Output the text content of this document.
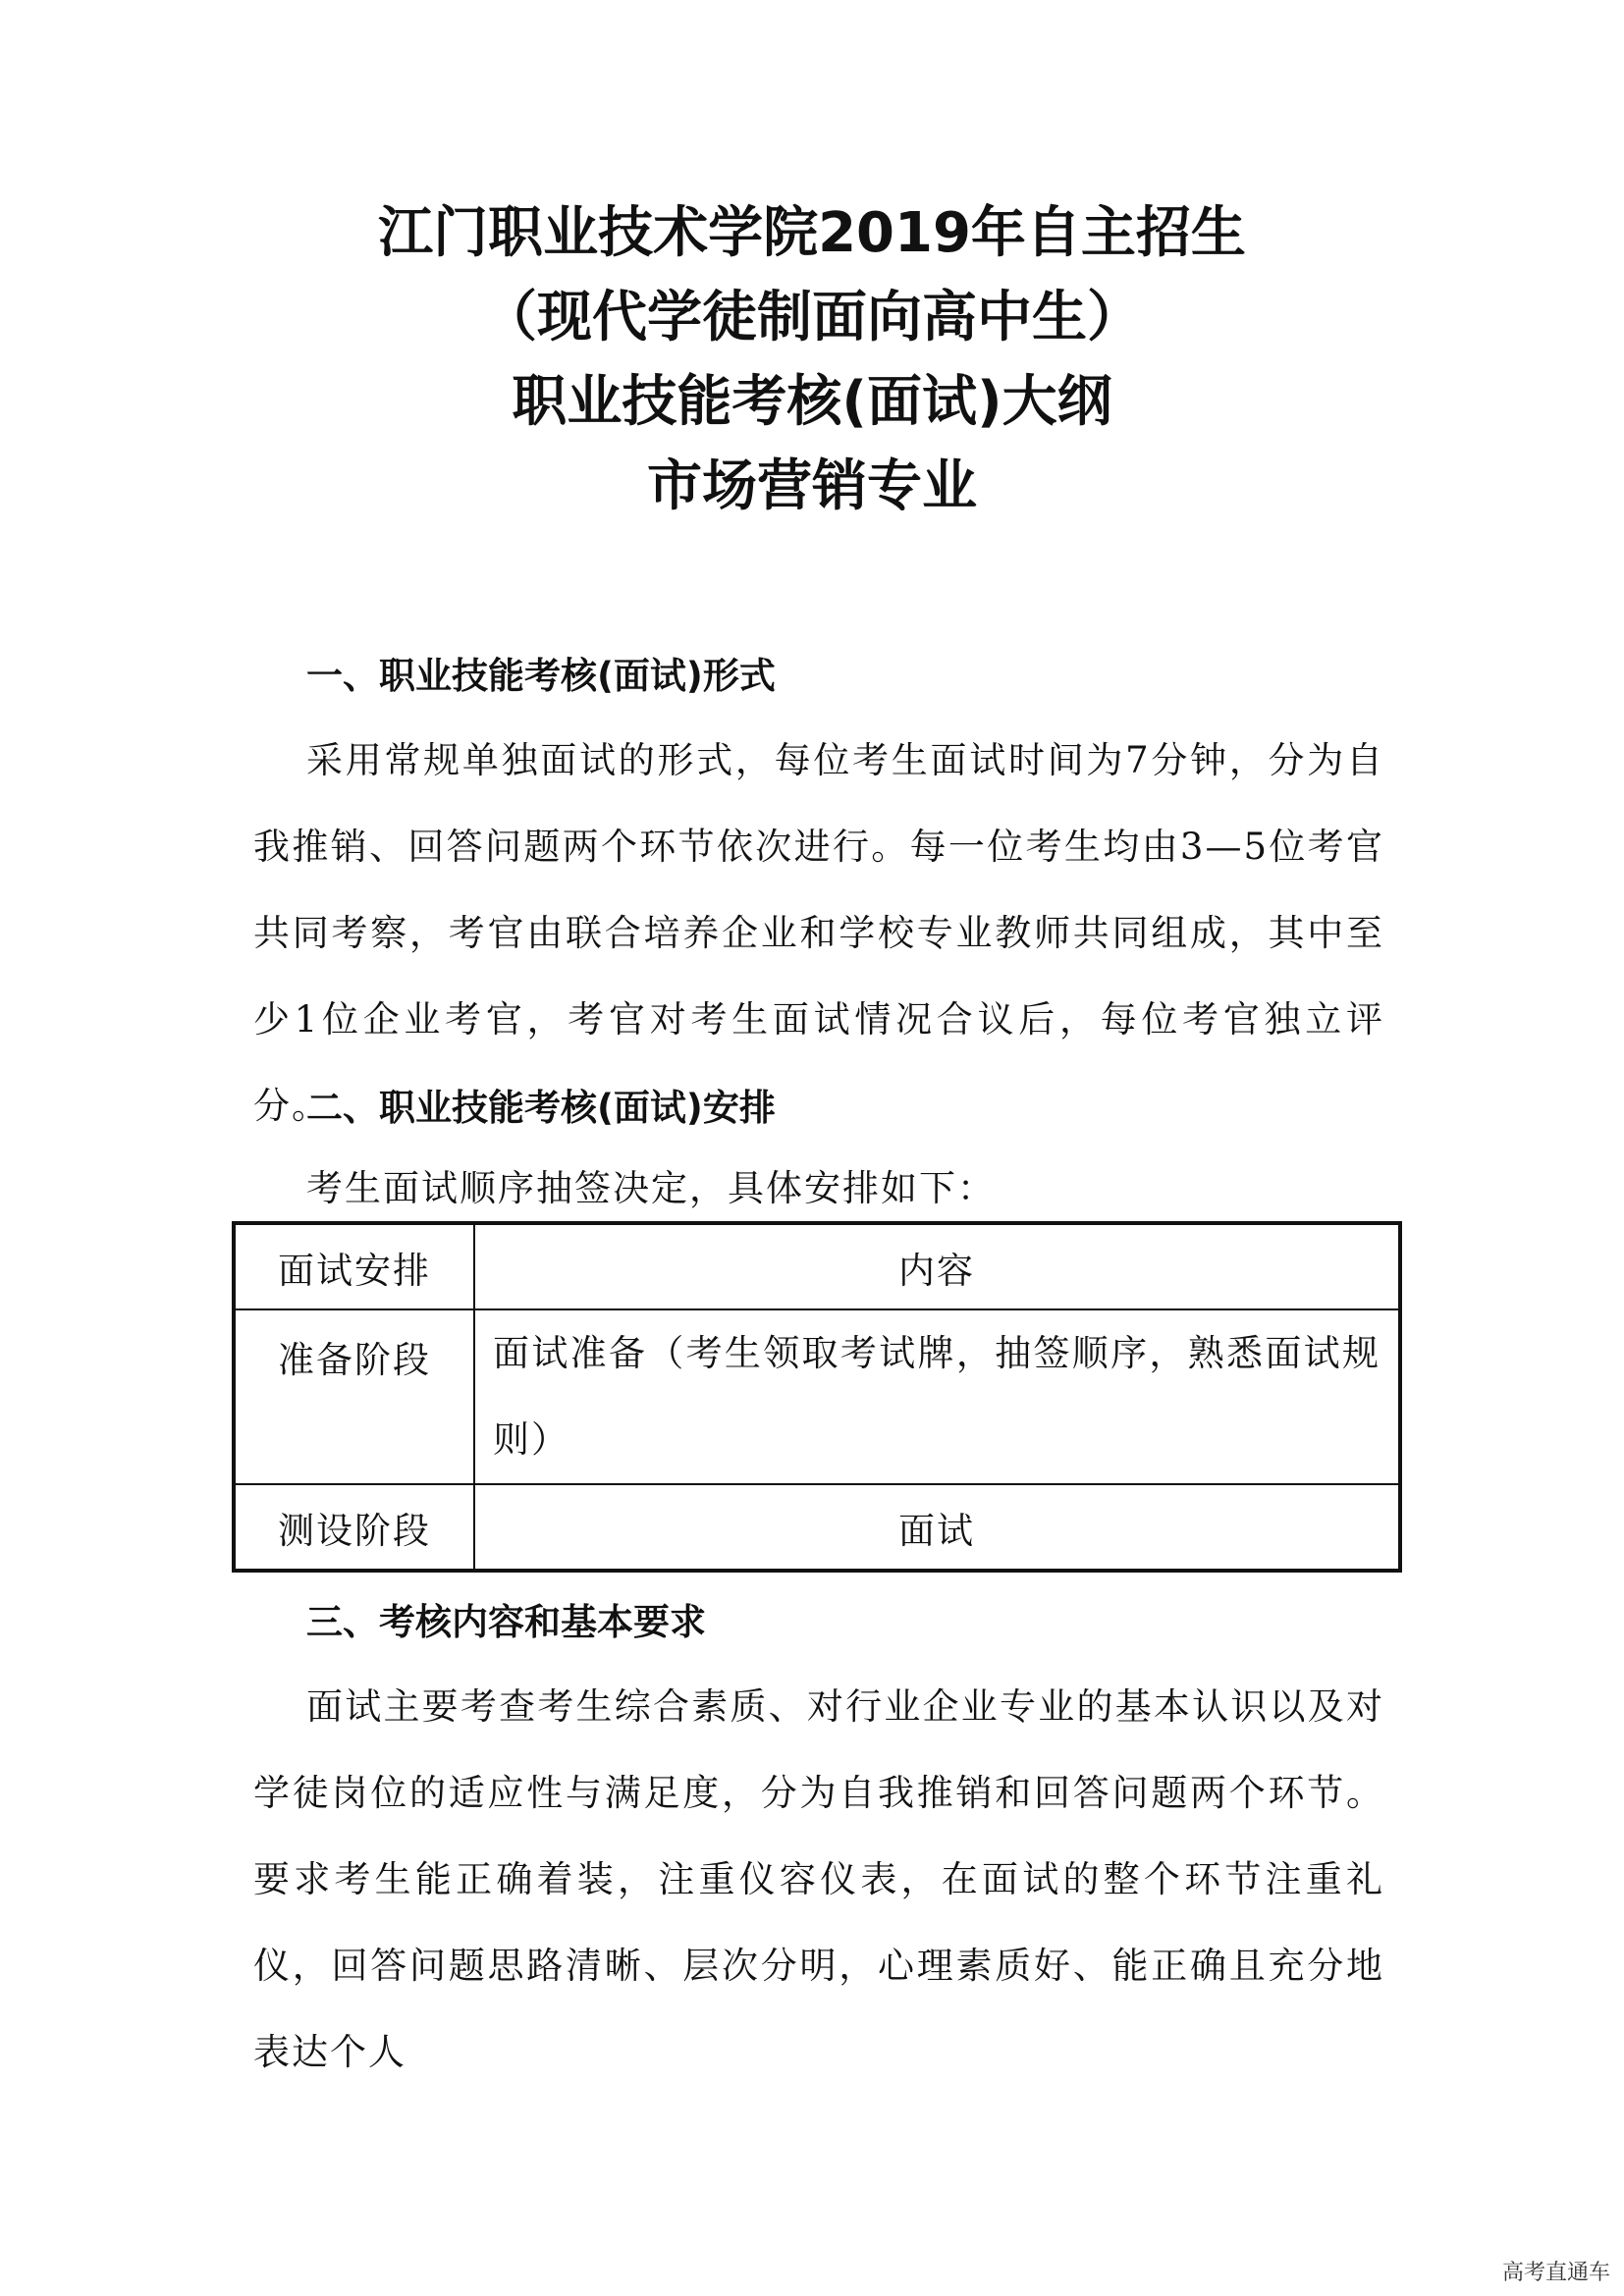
江门职业技术学院2019年自主招生
（现代学徒制面向高中生）
职业技能考核(面试)大纲
市场营销专业
一、职业技能考核(面试)形式
采用常规单独面试的形式，每位考生面试时间为7分钟，分为自我推销、回答问题两个环节依次进行。每一位考生均由3—5位考官共同考察，考官由联合培养企业和学校专业教师共同组成，其中至少1位企业考官，考官对考生面试情况合议后，每位考官独立评分。
二、职业技能考核(面试)安排
考生面试顺序抽签决定，具体安排如下：
面试安排	内容
准备阶段	面试准备（考生领取考试牌，抽签顺序，熟悉面试规则）
测设阶段	面试
三、考核内容和基本要求
面试主要考查考生综合素质、对行业企业专业的基本认识以及对学徒岗位的适应性与满足度，分为自我推销和回答问题两个环节。要求考生能正确着装，注重仪容仪表，在面试的整个环节注重礼仪，回答问题思路清晰、层次分明，心理素质好、能正确且充分地表达个人
高考直通车
